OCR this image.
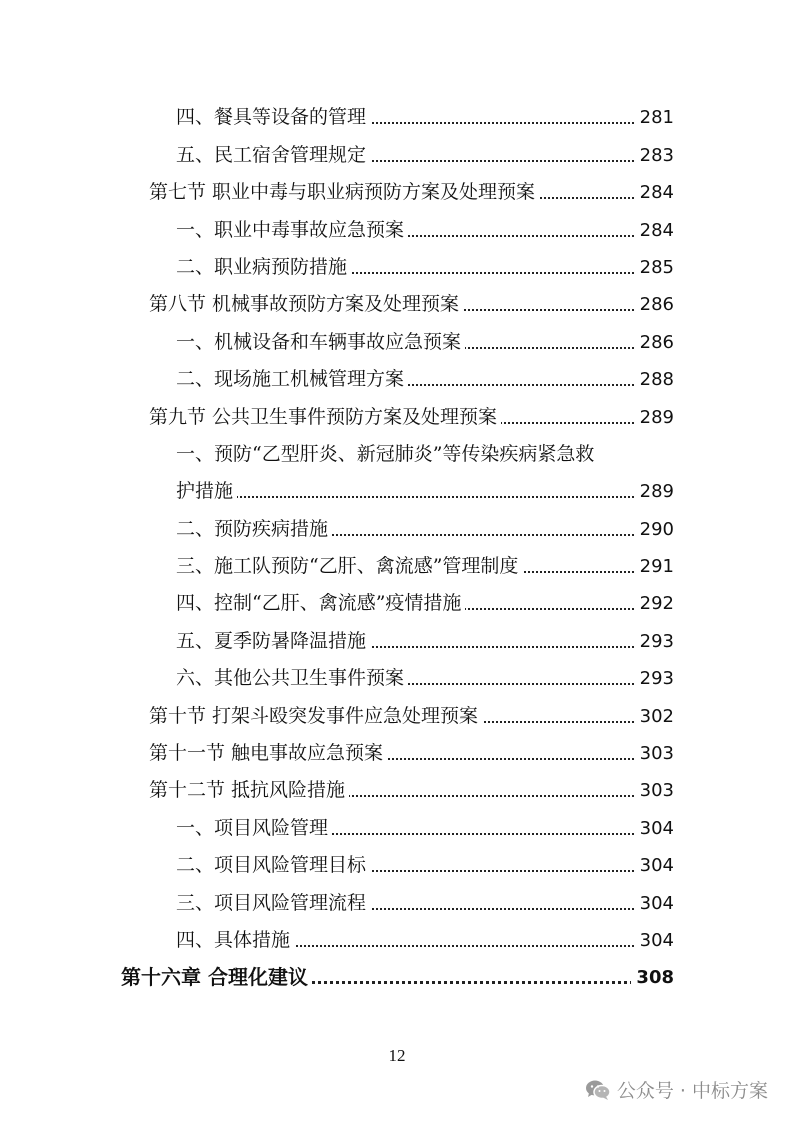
四、餐具等设备的管理	281
五、民工宿舍管理规定	283
第七节 职业中毒与职业病预防方案及处理预案	284
一、职业中毒事故应急预案	284
二、职业病预防措施	285
第八节 机械事故预防方案及处理预案	286
一、机械设备和车辆事故应急预案	286
二、现场施工机械管理方案	288
第九节 公共卫生事件预防方案及处理预案	289
一、预防“乙型肝炎、新冠肺炎”等传染疾病紧急救
护措施	289
二、预防疾病措施	290
三、施工队预防“乙肝、禽流感”管理制度	291
四、控制“乙肝、禽流感”疫情措施	292
五、夏季防暑降温措施	293
六、其他公共卫生事件预案	293
第十节 打架斗殴突发事件应急处理预案	302
第十一节 触电事故应急预案	303
第十二节 抵抗风险措施	303
一、项目风险管理	304
二、项目风险管理目标	304
三、项目风险管理流程	304
四、具体措施	304
第十六章 合理化建议	308
12
公众号 · 中标方案
